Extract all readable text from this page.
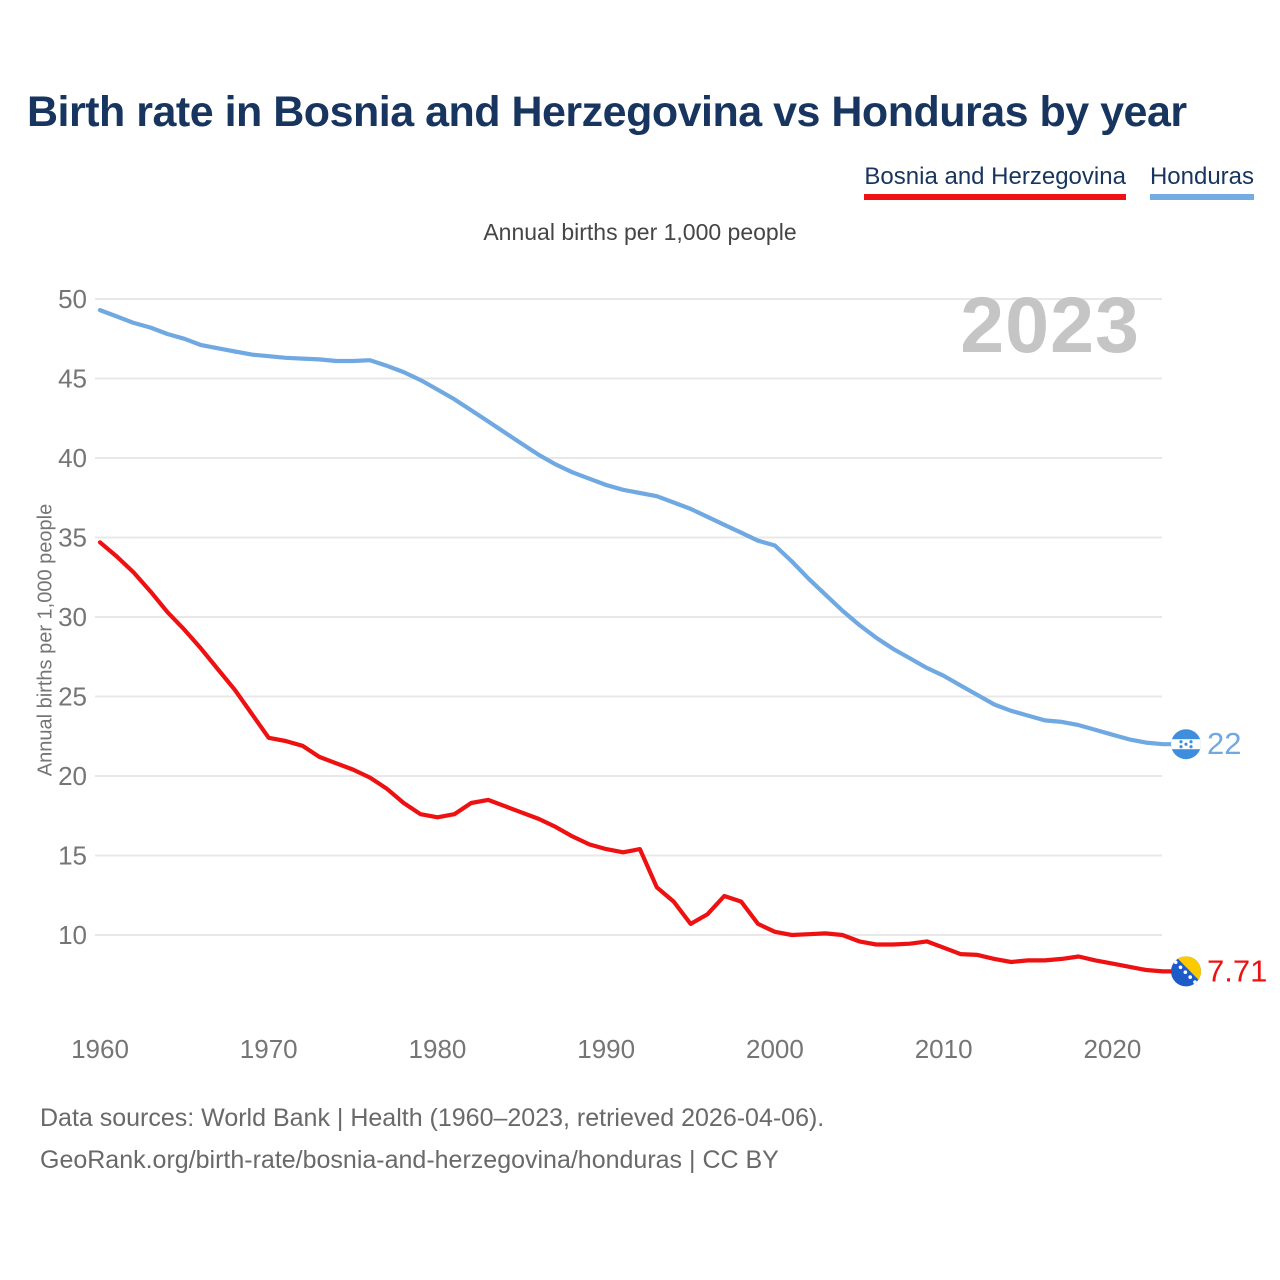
Birth rate in Bosnia and Herzegovina vs Honduras by year
Bosnia and Herzegovina Honduras
Annual births per 1,000 people
50
45
40
35
30
25
20
15
10
1960	1970	1980	1990	2000	2010	2020
22
7.71
2023
Annual births per 1,000 people
Data sources: World Bank | Health (1960–2023, retrieved 2026-04-06).
GeoRank.org/birth-rate/bosnia-and-herzegovina/honduras | CC BY
